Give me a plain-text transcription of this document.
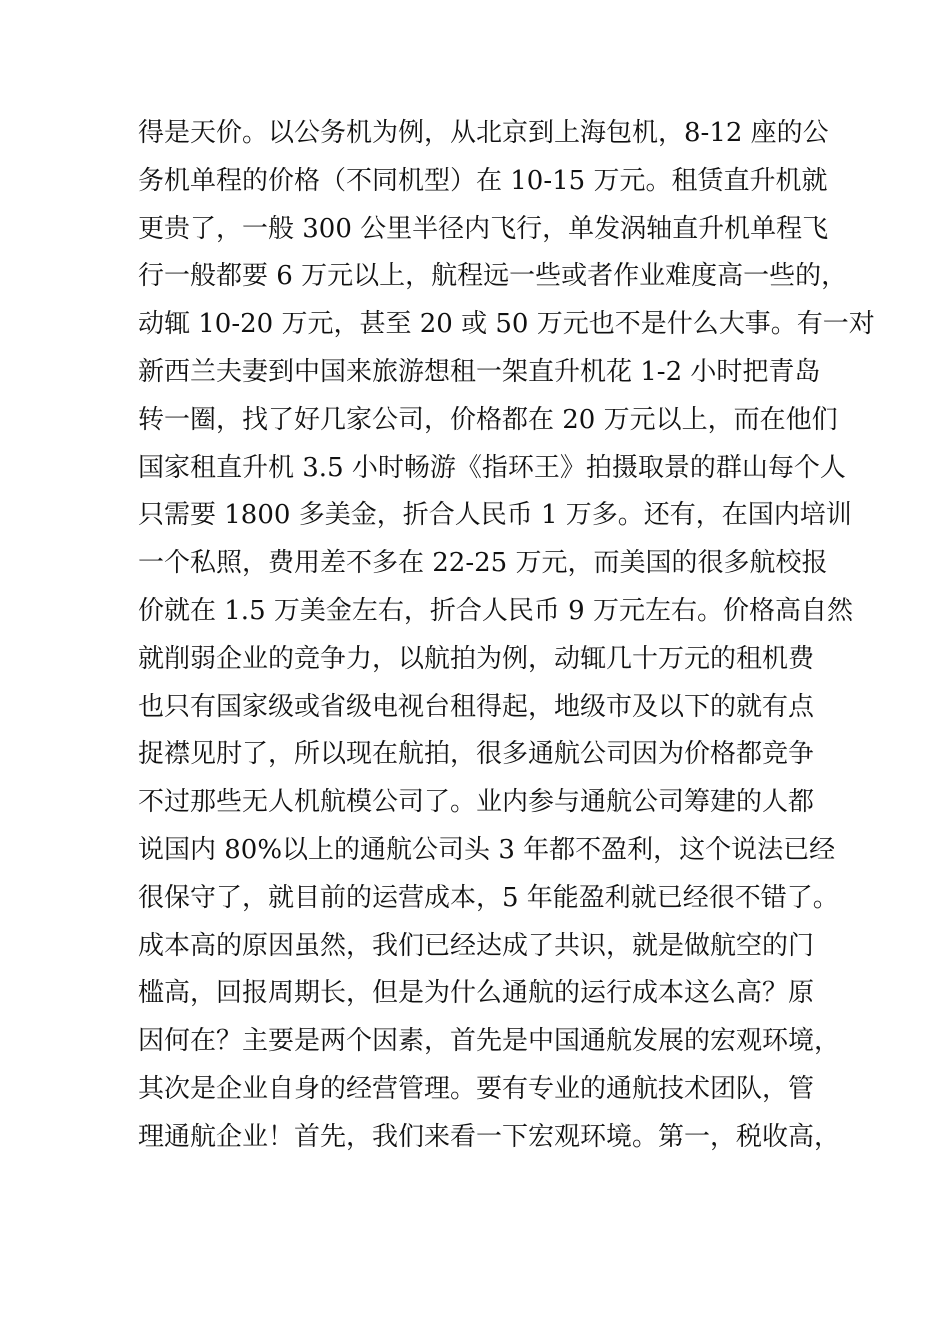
得是天价。以公务机为例，从北京到上海包机，8-12 座的公
务机单程的价格（不同机型）在 10-15 万元。租赁直升机就
更贵了，一般 300 公里半径内飞行，单发涡轴直升机单程飞
行一般都要 6 万元以上，航程远一些或者作业难度高一些的，
动辄 10-20 万元，甚至 20 或 50 万元也不是什么大事。有一对
新西兰夫妻到中国来旅游想租一架直升机花 1-2 小时把青岛
转一圈，找了好几家公司，价格都在 20 万元以上，而在他们
国家租直升机 3.5 小时畅游《指环王》拍摄取景的群山每个人
只需要 1800 多美金，折合人民币 1 万多。还有，在国内培训
一个私照，费用差不多在 22-25 万元，而美国的很多航校报
价就在 1.5 万美金左右，折合人民币 9 万元左右。价格高自然
就削弱企业的竞争力，以航拍为例，动辄几十万元的租机费
也只有国家级或省级电视台租得起，地级市及以下的就有点
捉襟见肘了，所以现在航拍，很多通航公司因为价格都竞争
不过那些无人机航模公司了。业内参与通航公司筹建的人都
说国内 80%以上的通航公司头 3 年都不盈利，这个说法已经
很保守了，就目前的运营成本，5 年能盈利就已经很不错了。
成本高的原因虽然，我们已经达成了共识，就是做航空的门
槛高，回报周期长，但是为什么通航的运行成本这么高？原
因何在？主要是两个因素，首先是中国通航发展的宏观环境，
其次是企业自身的经营管理。要有专业的通航技术团队，管
理通航企业！首先，我们来看一下宏观环境。第一，税收高，
